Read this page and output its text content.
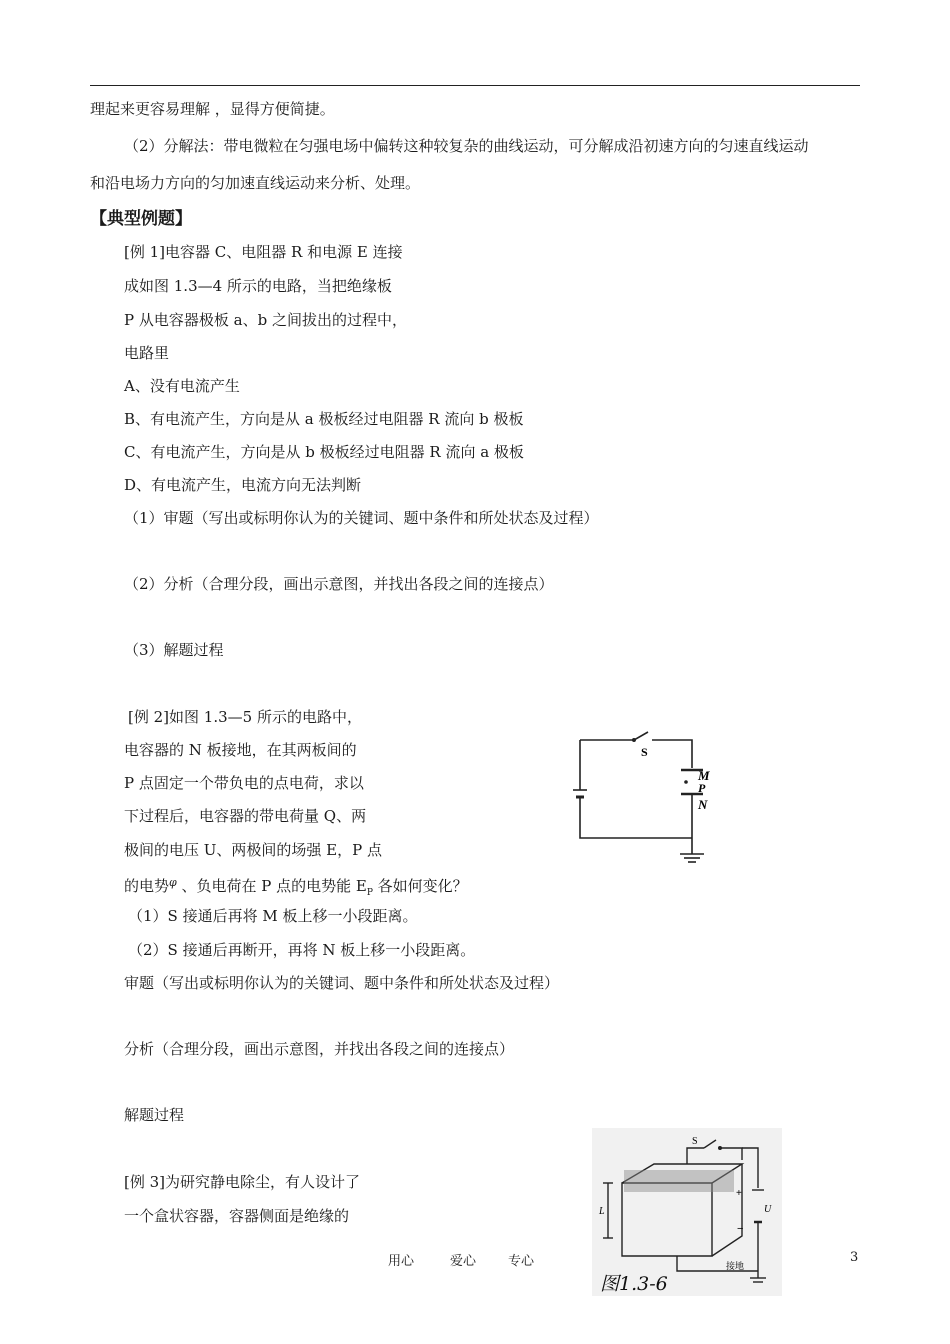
理起来更容易理解 ，显得方便简捷。
（2）分解法：带电微粒在匀强电场中偏转这种较复杂的曲线运动，可分解成沿初速方向的匀速直线运动
和沿电场力方向的匀加速直线运动来分析、处理。
【典型例题】
[例 1]电容器 C、电阻器 R 和电源 E 连接
成如图 1.3—4 所示的电路，当把绝缘板
P 从电容器极板 a、b 之间拔出的过程中，
电路里
A、没有电流产生
B、有电流产生，方向是从 a 极板经过电阻器 R 流向 b 极板
C、有电流产生，方向是从 b 极板经过电阻器 R 流向 a 极板
D、有电流产生，电流方向无法判断
（1）审题（写出或标明你认为的关键词、题中条件和所处状态及过程）
（2）分析（合理分段，画出示意图，并找出各段之间的连接点）
（3）解题过程
[例 2]如图 1.3—5 所示的电路中，
电容器的 N 板接地，在其两板间的
P 点固定一个带负电的点电荷，求以
下过程后，电容器的带电荷量 Q、两
极间的电压 U、两极间的场强 E，P 点
的电势$^\varphi$ 、负电荷在 P 点的电势能 $E_P$ 各如何变化？
（1）S 接通后再将 M 板上移一小段距离。
（2）S 接通后再断开，再将 N 板上移一小段距离。
审题（写出或标明你认为的关键词、题中条件和所处状态及过程）
分析（合理分段，画出示意图，并找出各段之间的连接点）
解题过程
S
M
P
N
[例 3]为研究静电除尘，有人设计了
一个盒状容器，容器侧面是绝缘的
S
L
+
U
−
接地
图1.3-6
用心	爱心 专心	3
